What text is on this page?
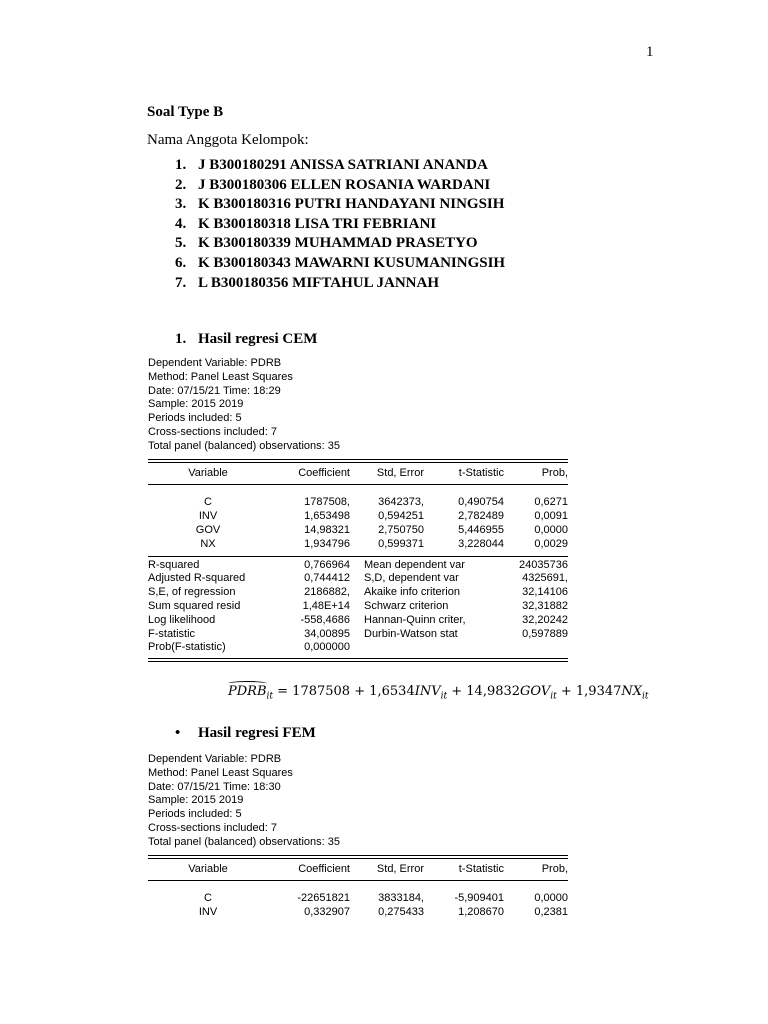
1
Soal Type B
Nama Anggota Kelompok:
1. J B300180291 ANISSA SATRIANI ANANDA
2. J B300180306 ELLEN ROSANIA WARDANI
3. K B300180316 PUTRI HANDAYANI NINGSIH
4. K B300180318 LISA TRI FEBRIANI
5. K B300180339 MUHAMMAD PRASETYO
6. K B300180343 MAWARNI KUSUMANINGSIH
7. L B300180356 MIFTAHUL JANNAH
1. Hasil regresi CEM
Dependent Variable: PDRB
Method: Panel Least Squares
Date: 07/15/21 Time: 18:29
Sample: 2015 2019
Periods included: 5
Cross-sections included: 7
Total panel (balanced) observations: 35

Variable	Coefficient	Std, Error	t-Statistic	Prob,

C	1787508,	3642373,	0,490754	0,6271
INV	1,653498	0,594251	2,782489	0,0091
GOV	14,98321	2,750750	5,446955	0,0000
NX	1,934796	0,599371	3,228044	0,0029

R-squared	0,766964		Mean dependent var	24035736
Adjusted R-squared	0,744412		S,D, dependent var	4325691,
S,E, of regression	2186882,		Akaike info criterion	32,14106
Sum squared resid	1,48E+14		Schwarz criterion	32,31882
Log likelihood	-558,4686		Hannan-Quinn criter,	32,20242
F-statistic	34,00895		Durbin-Watson stat	0,597889
Prob(F-statistic)	0,000000			

$PDRB_{it} = 1787508 + 1,6534INV_{it} + 14,9832GOV_{it} + 1,9347NX_{it}$
•	Hasil regresi FEM
Dependent Variable: PDRB
Method: Panel Least Squares
Date: 07/15/21 Time: 18:30
Sample: 2015 2019
Periods included: 5
Cross-sections included: 7
Total panel (balanced) observations: 35

Variable	Coefficient	Std, Error	t-Statistic	Prob,

C	-22651821	3833184,	-5,909401	0,0000
INV	0,332907	0,275433	1,208670	0,2381
